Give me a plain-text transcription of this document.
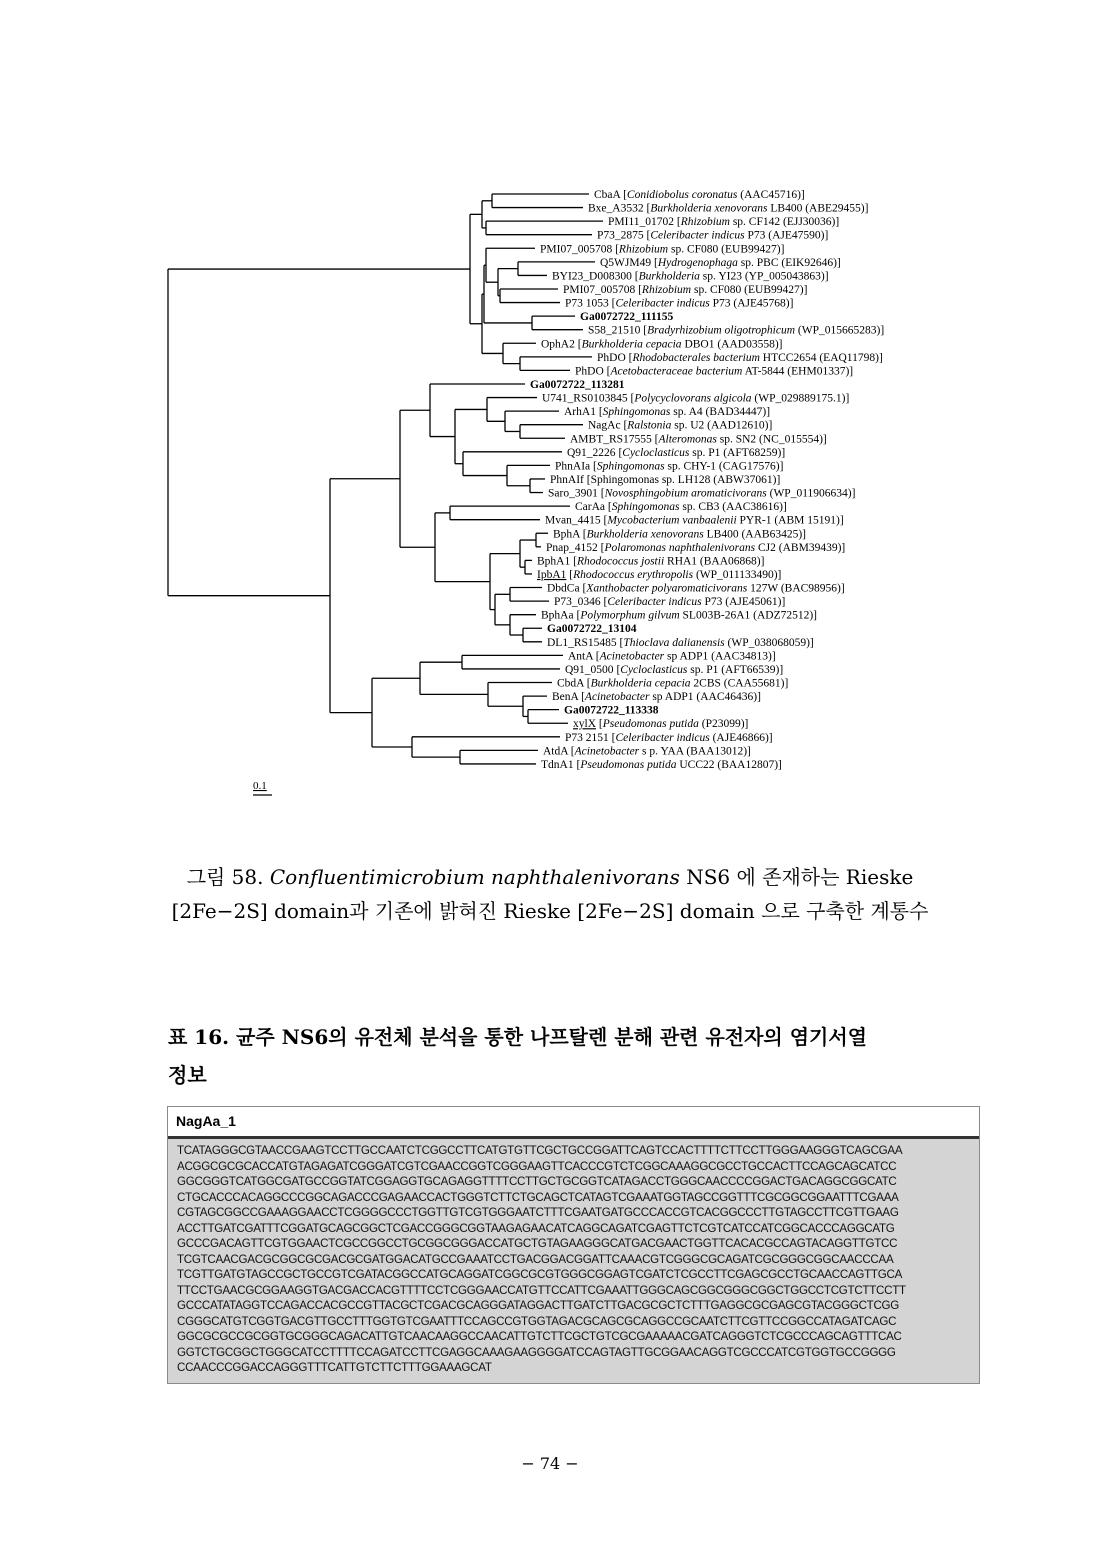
CbaA [Conidiobolus coronatus (AAC45716)]
Bxe_A3532 [Burkholderia xenovorans LB400 (ABE29455)]
PMI11_01702 [Rhizobium sp. CF142 (EJJ30036)]
P73_2875 [Celeribacter indicus P73 (AJE47590)]
PMI07_005708 [Rhizobium sp. CF080 (EUB99427)]
Q5WJM49 [Hydrogenophaga sp. PBC (EIK92646)]
BYI23_D008300 [Burkholderia sp. YI23 (YP_005043863)]
PMI07_005708 [Rhizobium sp. CF080 (EUB99427)]
P73 1053 [Celeribacter indicus P73 (AJE45768)]
Ga0072722_111155
S58_21510 [Bradyrhizobium oligotrophicum (WP_015665283)]
OphA2 [Burkholderia cepacia DBO1 (AAD03558)]
PhDO [Rhodobacterales bacterium HTCC2654 (EAQ11798)]
PhDO [Acetobacteraceae bacterium AT-5844 (EHM01337)]
Ga0072722_113281
U741_RS0103845 [Polycyclovorans algicola (WP_029889175.1)]
ArhA1 [Sphingomonas sp. A4 (BAD34447)]
NagAc [Ralstonia sp. U2 (AAD12610)]
AMBT_RS17555 [Alteromonas sp. SN2 (NC_015554)]
Q91_2226 [Cycloclasticus sp. P1 (AFT68259)]
PhnAIa [Sphingomonas sp. CHY-1 (CAG17576)]
PhnAIf [Sphingomonas sp. LH128 (ABW37061)]
Saro_3901 [Novosphingobium aromaticivorans (WP_011906634)]
CarAa [Sphingomonas sp. CB3 (AAC38616)]
Mvan_4415 [Mycobacterium vanbaalenii PYR-1 (ABM 15191)]
BphA [Burkholderia xenovorans LB400 (AAB63425)]
Pnap_4152 [Polaromonas naphthalenivorans CJ2 (ABM39439)]
BphA1 [Rhodococcus jostii RHA1 (BAA06868)]
IpbA1 [Rhodococcus erythropolis (WP_011133490)]
DbdCa [Xanthobacter polyaromaticivorans 127W (BAC98956)]
P73_0346 [Celeribacter indicus P73 (AJE45061)]
BphAa [Polymorphum gilvum SL003B-26A1 (ADZ72512)]
Ga0072722_13104
DL1_RS15485 [Thioclava dalianensis (WP_038068059)]
AntA [Acinetobacter sp ADP1 (AAC34813)]
Q91_0500 [Cycloclasticus sp. P1 (AFT66539)]
CbdA [Burkholderia cepacia 2CBS (CAA55681)]
BenA [Acinetobacter sp ADP1 (AAC46436)]
Ga0072722_113338
xylX [Pseudomonas putida (P23099)]
P73 2151 [Celeribacter indicus (AJE46866)]
AtdA [Acinetobacter s p. YAA (BAA13012)]
TdnA1 [Pseudomonas putida UCC22 (BAA12807)]
0.1
그림 58. Confluentimicrobium naphthalenivorans NS6 에 존재하는 Rieske
[2Fe−2S] domain과 기존에 밝혀진 Rieske [2Fe−2S] domain 으로 구축한 계통수
표 16. 균주 NS6의 유전체 분석을 통한 나프탈렌 분해 관련 유전자의 염기서열
정보
NagAa_1
TCATAGGGCGTAACCGAAGTCCTTGCCAATCTCGGCCTTCATGTGTTCGCTGCCGGATTCAGTCCACTTTTCTTCCTTGGGAAGGGTCAGCGAA
ACGGCGCGCACCATGTAGAGATCGGGATCGTCGAACCGGTCGGGAAGTTCACCCGTCTCGGCAAAGGCGCCTGCCACTTCCAGCAGCATCC
GGCGGGTCATGGCGATGCCGGTATCGGAGGTGCAGAGGTTTTCCTTGCTGCGGTCATAGACCTGGGCAACCCCGGACTGACAGGCGGCATC
CTGCACCCACAGGCCCGGCAGACCCGAGAACCACTGGGTCTTCTGCAGCTCATAGTCGAAATGGTAGCCGGTTTCGCGGCGGAATTTCGAAA
CGTAGCGGCCGAAAGGAACCTCGGGGCCCTGGTTGTCGTGGGAATCTTTCGAATGATGCCCACCGTCACGGCCCTTGTAGCCTTCGTTGAAG
ACCTTGATCGATTTCGGATGCAGCGGCTCGACCGGGCGGTAAGAGAACATCAGGCAGATCGAGTTCTCGTCATCCATCGGCACCCAGGCATG
GCCCGACAGTTCGTGGAACTCGCCGGCCTGCGGCGGGACCATGCTGTAGAAGGGCATGACGAACTGGTTCACACGCCAGTACAGGTTGTCC
TCGTCAACGACGCGGCGCGACGCGATGGACATGCCGAAATCCTGACGGACGGATTCAAACGTCGGGCGCAGATCGCGGGCGGCAACCCAA
TCGTTGATGTAGCCGCTGCCGTCGATACGGCCATGCAGGATCGGCGCGTGGGCGGAGTCGATCTCGCCTTCGAGCGCCTGCAACCAGTTGCA
TTCCTGAACGCGGAAGGTGACGACCACGTTTTCCTCGGGAACCATGTTCCATTCGAAATTGGGCAGCGGCGGGCGGCTGGCCTCGTCTTCCTT
GCCCATATAGGTCCAGACCACGCCGTTACGCTCGACGCAGGGATAGGACTTGATCTTGACGCGCTCTTTGAGGCGCGAGCGTACGGGCTCGG
CGGGCATGTCGGTGACGTTGCCTTTGGTGTCGAATTTCCAGCCGTGGTAGACGCAGCGCAGGCCGCAATCTTCGTTCCGGCCATAGATCAGC
GGCGCGCCGCGGTGCGGGCAGACATTGTCAACAAGGCCAACATTGTCTTCGCTGTCGCGAAAAACGATCAGGGTCTCGCCCAGCAGTTTCAC
GGTCTGCGGCTGGGCATCCTTTTCCAGATCCTTCGAGGCAAAGAAGGGGATCCAGTAGTTGCGGAACAGGTCGCCCATCGTGGTGCCGGGG
CCAACCCGGACCAGGGTTTCATTGTCTTCTTTGGAAAGCAT
− 74 −
